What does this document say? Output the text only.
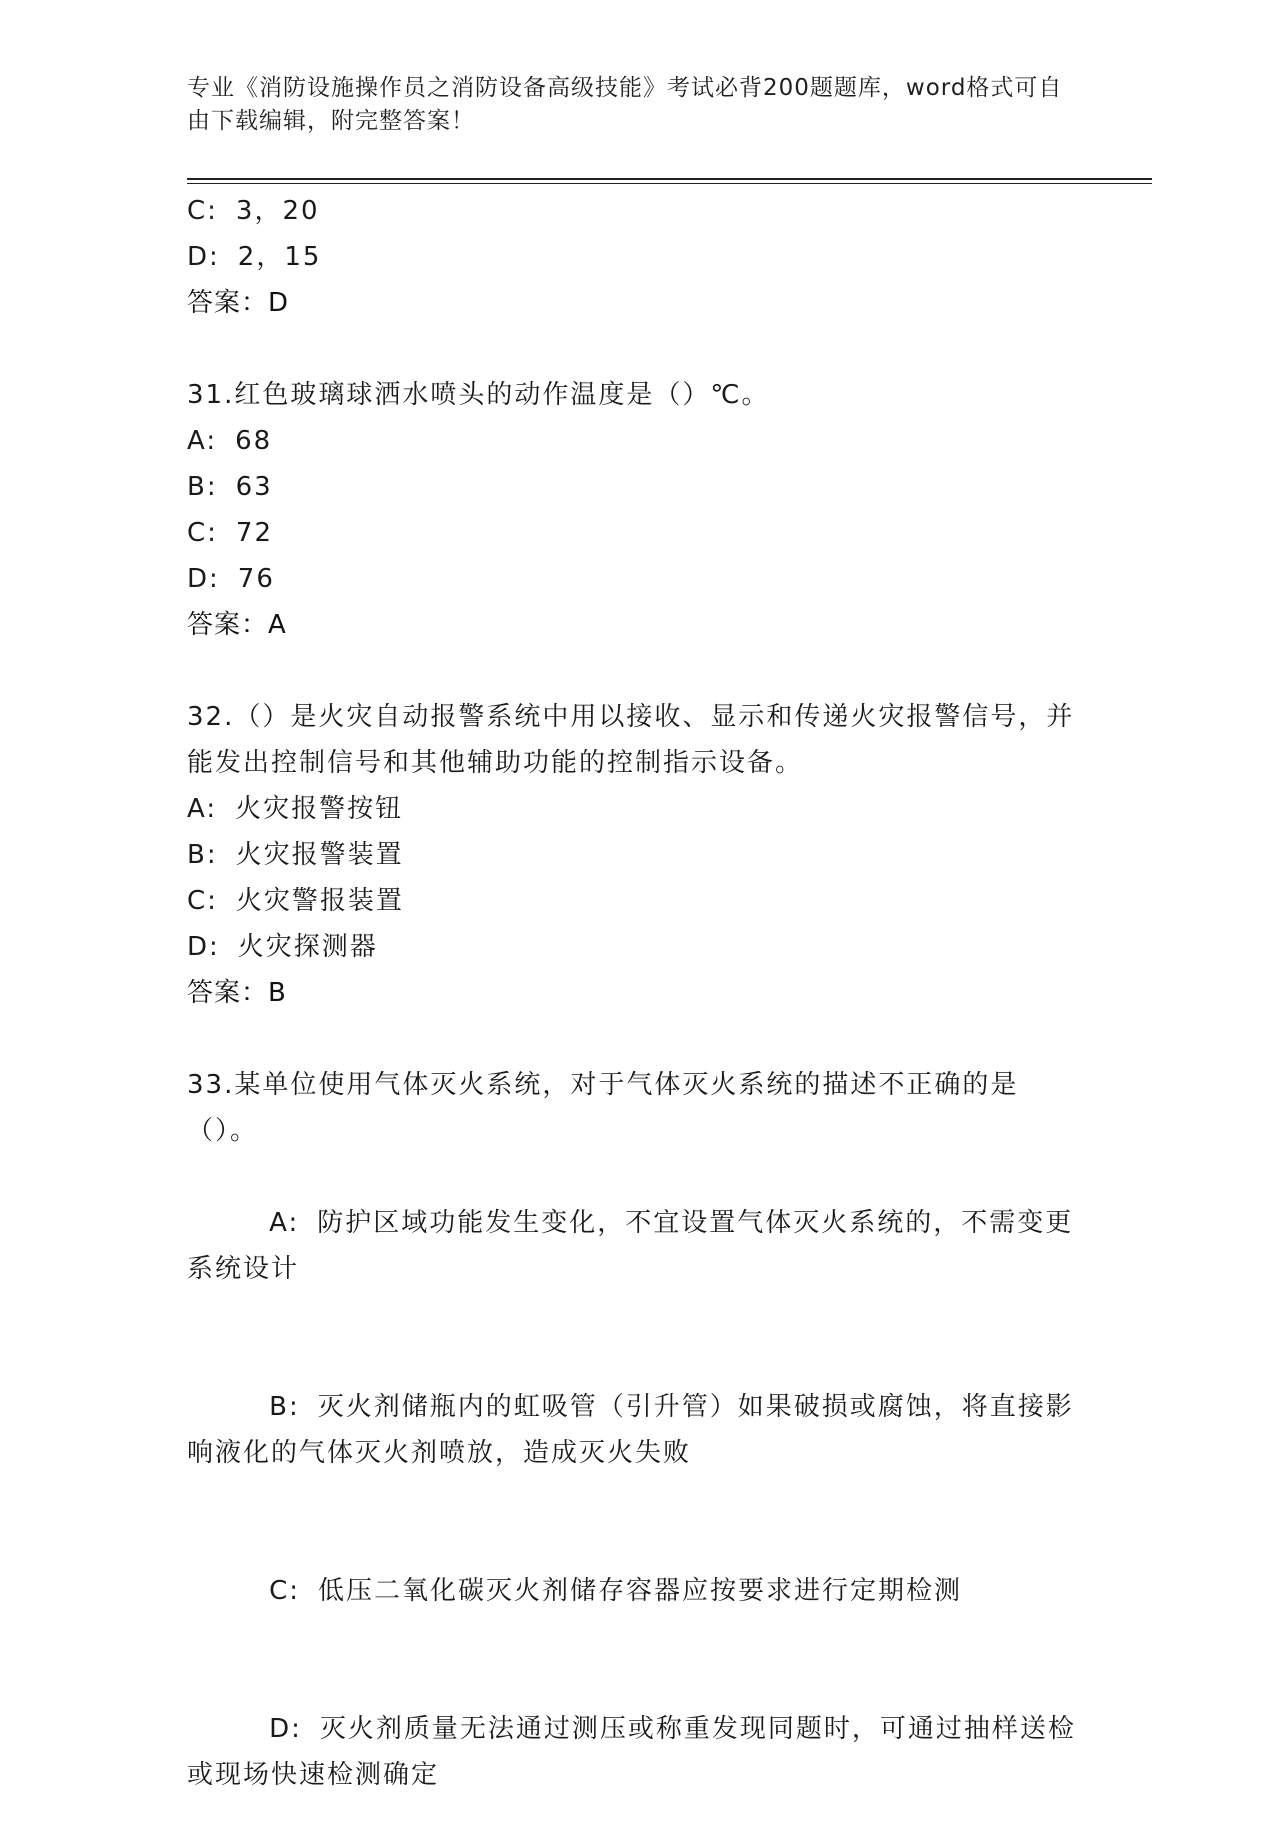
专业《消防设施操作员之消防设备高级技能》考试必背200题题库，word格式可自由下载编辑，附完整答案！
C: 3，20
D: 2，15
答案：D
31.红色玻璃球洒水喷头的动作温度是（）℃。
A: 68
B: 63
C: 72
D: 76
答案：A
32.（）是火灾自动报警系统中用以接收、显示和传递火灾报警信号，并能发出控制信号和其他辅助功能的控制指示设备。
A: 火灾报警按钮
B: 火灾报警装置
C: 火灾警报装置
D: 火灾探测器
答案：B
33.某单位使用气体灭火系统，对于气体灭火系统的描述不正确的是（）。

A: 防护区域功能发生变化，不宜设置气体灭火系统的，不需变更系统设计

B: 灭火剂储瓶内的虹吸管（引升管）如果破损或腐蚀，将直接影响液化的气体灭火剂喷放，造成灭火失败

C: 低压二氧化碳灭火剂储存容器应按要求进行定期检测

D: 灭火剂质量无法通过测压或称重发现同题时，可通过抽样送检或现场快速检测确定
